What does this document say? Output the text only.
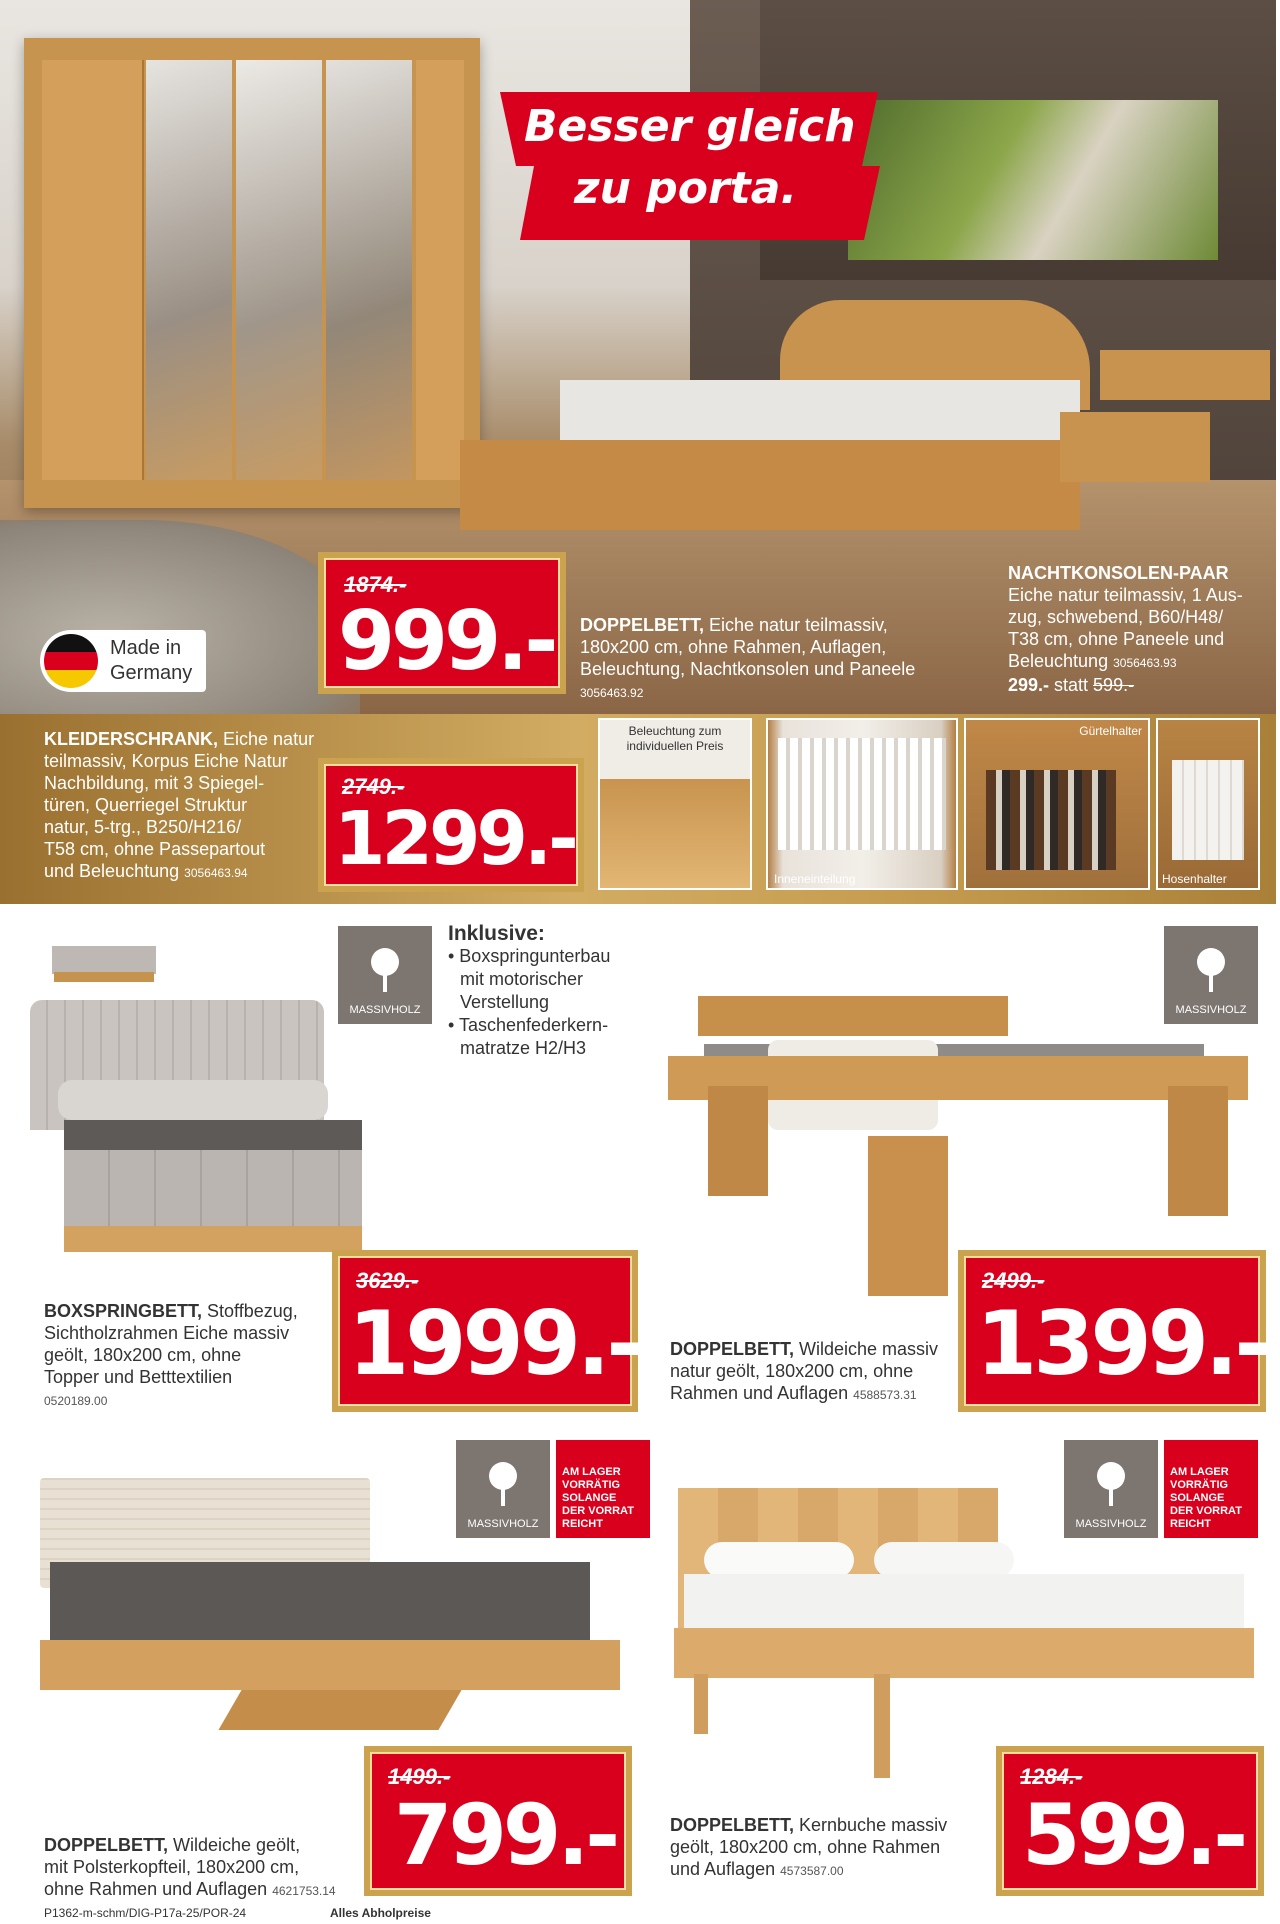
Besser gleich
zu porta.
Made in
Germany
1874.-
999.- DOPPELBETT, Eiche natur teilmassiv,
180x200 cm, ohne Rahmen, Auflagen,
Beleuchtung, Nachtkonsolen und Paneele
3056463.92
NACHTKONSOLEN-PAAR
Eiche natur teilmassiv, 1 Aus-
zug, schwebend, B60/H48/
T38 cm, ohne Paneele und
Beleuchtung 3056463.93
299.- statt 599.-
KLEIDERSCHRANK, Eiche natur
teilmassiv, Korpus Eiche Natur
Nachbildung, mit 3 Spiegel-
türen, Querriegel Struktur
natur, 5-trg., B250/H216/
T58 cm, ohne Passepartout
und Beleuchtung 3056463.94
2749.-
1299.-
Beleuchtung zum
individuellen Preis
Inneneinteilung
Gürtelhalter
Hosenhalter
MASSIVHOLZ
Inklusive:
• Boxspringunterbau
mit motorischer
Verstellung
• Taschenfederkern-
matratze H2/H3
3629.-
1999.-
BOXSPRINGBETT, Stoffbezug,
Sichtholzrahmen Eiche massiv
geölt, 180x200 cm, ohne
Topper und Betttextilien
0520189.00
MASSIVHOLZ
2499.-
1399.-
DOPPELBETT, Wildeiche massiv
natur geölt, 180x200 cm, ohne
Rahmen und Auflagen 4588573.31
MASSIVHOLZ
AM LAGER
VORRÄTIG
SOLANGE
DER VORRAT
REICHT
1499.-
799.-
DOPPELBETT, Wildeiche geölt,
mit Polsterkopfteil, 180x200 cm,
ohne Rahmen und Auflagen 4621753.14
MASSIVHOLZ
AM LAGER
VORRÄTIG
SOLANGE
DER VORRAT
REICHT
1284.-
599.-
DOPPELBETT, Kernbuche massiv
geölt, 180x200 cm, ohne Rahmen
und Auflagen 4573587.00
P1362-m-schm/DIG-P17a-25/POR-24	Alles Abholpreise
